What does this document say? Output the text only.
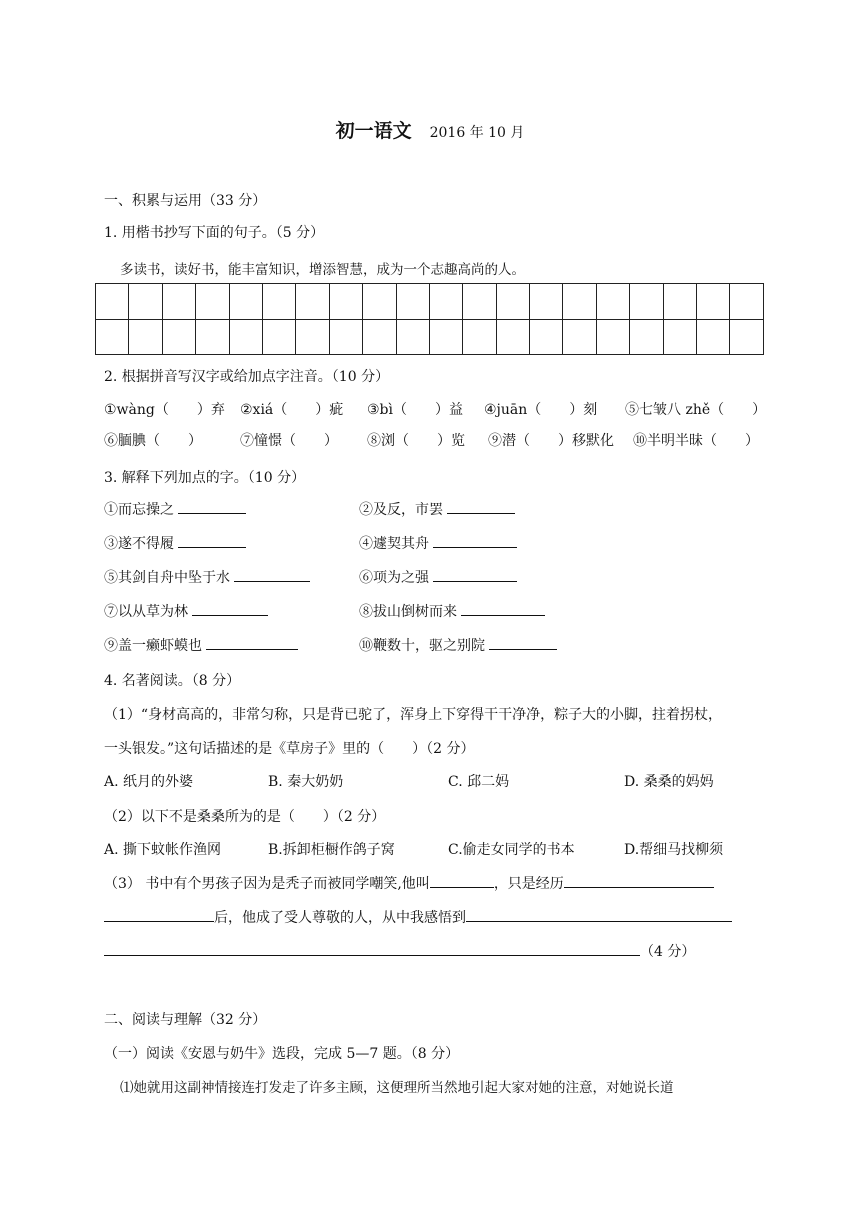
初一语文 2016 年 10 月
一、积累与运用（33 分）
1. 用楷书抄写下面的句子。（5 分）
多读书，读好书，能丰富知识，增添智慧，成为一个志趣高尚的人。

2. 根据拼音写汉字或给加点字注音。（10 分）
①wàng（　　）弃 ②xiá（　　）疵 ③bì（　　）益 ④juān（　　）刻 ⑤七皱八 zhě（　　）
⑥腼腆（　　）	⑦憧憬（　　） ⑧浏（　　）览 ⑨潜（　　）移默化 ⑩半明半昧（　　）
3. 解释下列加点的字。（10 分）
①而忘操之	②及反，市罢
③遂不得履	④遽契其舟
⑤其剑自舟中坠于水	⑥项为之强
⑦以从草为林	⑧拔山倒树而来
⑨盖一癞虾蟆也	⑩鞭数十，驱之别院
4. 名著阅读。（8 分）
（1）“身材高高的，非常匀称，只是背已驼了，浑身上下穿得干干净净，粽子大的小脚，拄着拐杖，
一头银发。”这句话描述的是《草房子》里的（　　）（2 分）
A. 纸月的外婆	B. 秦大奶奶	C. 邱二妈	D. 桑桑的妈妈
（2）以下不是桑桑所为的是（　　）（2 分）
A. 撕下蚊帐作渔网	B.拆卸柜橱作鸽子窝	C.偷走女同学的书本	D.帮细马找柳须
（3） 书中有个男孩子因为是秃子而被同学嘲笑,他叫	，只是经历
后，他成了受人尊敬的人，从中我感悟到
（4 分）
二、阅读与理解（32 分）
（一）阅读《安恩与奶牛》选段，完成 5—7 题。（8 分）
⑴她就用这副神情接连打发走了许多主顾，这便理所当然地引起大家对她的注意，对她说长道
